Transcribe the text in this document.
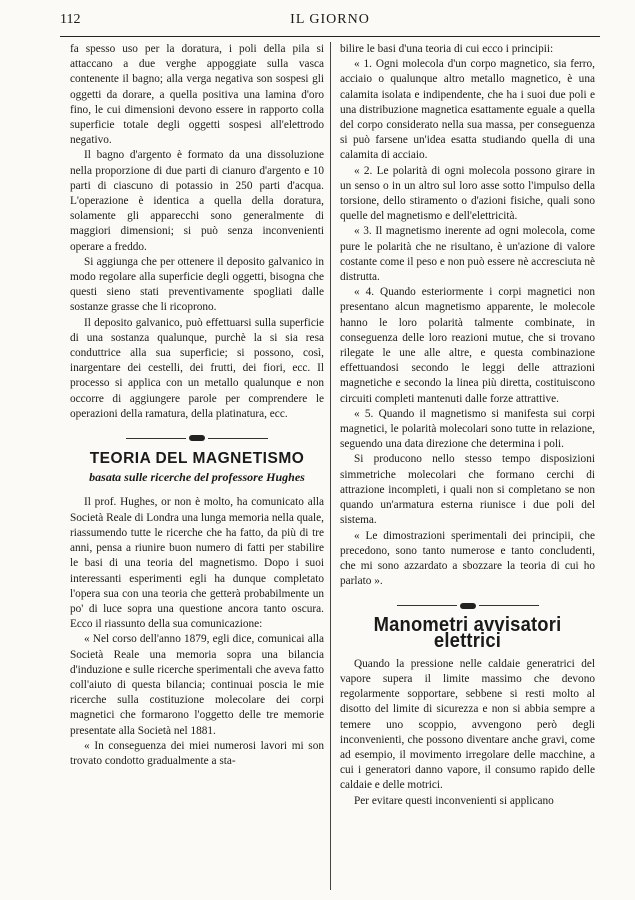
112	IL GIORNO

fa spesso uso per la doratura, i poli della pila si attaccano a due verghe appoggiate sulla vasca contenente il bagno; alla verga negativa son sospesi gli oggetti da dorare, a quella positiva una lamina d'oro fino, le cui dimensioni devono essere in rapporto colla superficie totale degli oggetti sospesi all'elettrodo negativo.

Il bagno d'argento è formato da una dissoluzione nella proporzione di due parti di cianuro d'argento e 10 parti di ciascuno di potassio in 250 parti d'acqua. L'operazione è identica a quella della doratura, solamente gli apparecchi sono generalmente di maggiori dimensioni; si può senza inconvenienti operare a freddo.

Si aggiunga che per ottenere il deposito galvanico in modo regolare alla superficie degli oggetti, bisogna che questi sieno stati preventivamente spogliati dalle sostanze grasse che li ricoprono.

Il deposito galvanico, può effettuarsi sulla superficie di una sostanza qualunque, purchè la si sia resa conduttrice alla sua superficie; si possono, così, inargentare dei cestelli, dei frutti, dei fiori, ecc. Il processo si applica con un metallo qualunque e non occorre di aggiungere parole per comprendere le operazioni della ramatura, della platinatura, ecc.

TEORIA DEL MAGNETISMO
basata sulle ricerche del professore Hughes

Il prof. Hughes, or non è molto, ha comunicato alla Società Reale di Londra una lunga memoria nella quale, riassumendo tutte le ricerche che ha fatto, da più di tre anni, pensa a riunire buon numero di fatti per stabilire le basi di una teoria del magnetismo. Dopo i suoi interessanti esperimenti egli ha dunque completato l'opera sua con una teoria che getterà probabilmente un po' di luce sopra una questione ancora tanto oscura. Ecco il riassunto della sua comunicazione:

« Nel corso dell'anno 1879, egli dice, comunicai alla Società Reale una memoria sopra una bilancia d'induzione e sulle ricerche sperimentali che aveva fatto coll'aiuto di questa bilancia; continuai poscia le mie ricerche sulla costituzione molecolare dei corpi magnetici che formarono l'oggetto delle tre memorie presentate alla Società nel 1881.

« In conseguenza dei miei numerosi lavori mi son trovato condotto gradualmente a sta-

bilire le basi d'una teoria di cui ecco i principii:

« 1. Ogni molecola d'un corpo magnetico, sia ferro, acciaio o qualunque altro metallo magnetico, è una calamita isolata e indipendente, che ha i suoi due poli e una distribuzione magnetica esattamente eguale a quella del corpo considerato nella sua massa, per conseguenza si può farsene un'idea esatta studiando quella di una calamita di acciaio.

« 2. Le polarità di ogni molecola possono girare in un senso o in un altro sul loro asse sotto l'impulso della torsione, dello stiramento o d'azioni fisiche, quali sono quelle del magnetismo e dell'elettricità.

« 3. Il magnetismo inerente ad ogni molecola, come pure le polarità che ne risultano, è un'azione di valore costante come il peso e non può essere nè accresciuta nè distrutta.

« 4. Quando esteriormente i corpi magnetici non presentano alcun magnetismo apparente, le molecole hanno le loro polarità talmente combinate, in conseguenza delle loro reazioni mutue, che si trovano rilegate le une alle altre, e questa combinazione effettuandosi secondo le leggi delle attrazioni magnetiche e secondo la linea più diretta, costituiscono circuiti completi mantenuti dalle forze attrattive.

« 5. Quando il magnetismo si manifesta sui corpi magnetici, le polarità molecolari sono tutte in relazione, seguendo una data direzione che determina i poli.

Si producono nello stesso tempo disposizioni simmetriche molecolari che formano cerchi di attrazione incompleti, i quali non si completano se non quando un'armatura esterna riunisce i due poli del sistema.

« Le dimostrazioni sperimentali dei principii, che precedono, sono tanto numerose e tanto concludenti, che mi sono azzardato a sbozzare la teoria di cui ho parlato ».

Manometri avvisatori elettrici

Quando la pressione nelle caldaie generatrici del vapore supera il limite massimo che devono regolarmente sopportare, sebbene si resti molto al disotto del limite di sicurezza e non si abbia sempre a temere uno scoppio, avvengono però degli inconvenienti, che possono diventare anche gravi, come ad esempio, il movimento irregolare delle macchine, a cui i generatori danno vapore, il consumo rapido delle caldaie e delle motrici.

Per evitare questi inconvenienti si applicano
